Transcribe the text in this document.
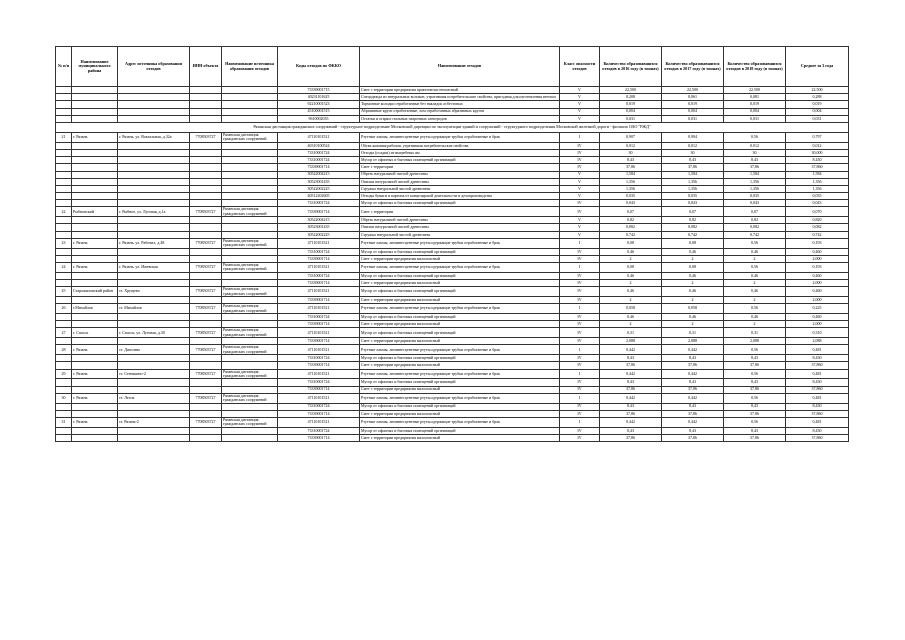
№ п/п	Наименование муниципального района	Адрес источника образования отходов	ИНН объекта	Наименование источника образования отходов	Коды отходов по ФККО	Наименование отходов	Класс опасности отходов	Количество образовавшихся отходов в 2016 году (в тоннах)	Количество образовавшихся отходов в 2017 году (в тоннах)	Количество образовавшихся отходов в 2018 году (в тоннах)	Среднее за 3 года
					73339001715	Смет с территории предприятия практически неопасный	V	22,500	22,500	22,500	22,500
					40231101625	Спецодежда из натуральных волокон, утратившая потребительские свойства, пригодная для изготовления ветоши	V	0,208	0,061	0,081	0,288
					92210001523	Тормозные колодки отработанные без накладок асбестовых	V	0,019	0,019	0,019	0,019
					45100001515	Абразивные круги отработанные, лом отработанных абразивных кругов	V	0,004	0,004	0,004	0,004
					9610002035	Остатки и огарки стальных сварочных электродов	V	0,031	0,031	0,031	0,031
Рязанская дистанция гражданских сооружений - структурное подразделение Московской дирекции по эксплуатации зданий и сооружений - структурного подразделения Московской железной дороги - филиала ОАО "РЖД"											
21	г. Рязань	г. Рязань, ул. Вокзальная, д.32а	7708503727	Рязанская дистанция гражданских сооружений	47110101521	Ртутные лампы, люминесцентные ртутьсодержащие трубки отработанные и брак	I	0,907	0,904	0,56	0,797
					40310100524	Обувь кожаная рабочая, утратившая потребительские свойства	IV	0,012	0,012	0,012	0,012
					73310001724	Отходы (осадки) из выгребных ям	IV	30	30	30	30,000
					73310001724	Мусор от офисных и бытовых помещений организаций	IV	8,43	8,43	8,43	8,430
					73339001714	Смет с территории	IV	37,86	37,86	37,86	37,860
					30522004215	Обрезь натуральной чистой древесины	V	1,584	1,584	1,584	1,584
					30523001435	Опилки натуральной чистой древесины	V	1,356	1,356	1,356	1,356
					30522002225	Стружка натуральной чистой древесины	V	1,356	1,356	1,356	1,356
					40512202605	Отходы бумаги и картона от канцелярской деятельности и делопроизводства	V	0,035	0,035	0,035	0,035
					73310001724	Мусор от офисных и бытовых помещений организаций	IV	0,043	0,043	0,043	0,043
22	Рыбновский	г. Рыбное, ул. Луговая, д.1а	7708503727	Рязанская дистанция гражданских сооружений	73339001714	Смет с территории	IV	0,07	0,07	0,07	0,070
					30522004215	Обрезь натуральной чистой древесины	V	0,82	0,82	0,82	0,820
					30523001435	Опилки натуральной чистой древесины	V	0,082	0,082	0,082	0,082
					30522002225	Стружка натуральной чистой древесины	V	0,742	0,742	0,742	0,742
23	г. Рязань	г. Рязань, ул. Рабочих, д.48	7708503727	Рязанская дистанция гражданских сооружений	47110101521	Ртутные лампы, люминесцентные ртутьсодержащие трубки отработанные и брак	I	0,08	0,08	0,56	0,193
					73310001724	Мусор от офисных и бытовых помещений организаций	IV	0,46	0,46	0,46	0,460
					73339001714	Смет с территории предприятия малоопасный	IV	2	2	2	2,000
24	г. Рязань	г. Рязань, ул. Ижевская	7708503727	Рязанская дистанция гражданских сооружений	47110101521	Ртутные лампы, люминесцентные ртутьсодержащие трубки отработанные и брак	I	0,08	0,08	0,56	0,193
					73310001724	Мусор от офисных и бытовых помещений организаций	IV	0,46	0,46	0,46	0,460
					73339001714	Смет с территории предприятия малоопасный	IV	2	2	2	2,000
25	Старожиловский район	ст. Хрущево	7708503727	Рязанская дистанция гражданских сооружений	47110101521	Мусор от офисных и бытовых помещений организаций	IV	0,46	0,46	0,46	0,460
					73339001714	Смет с территории предприятия малоопасный	IV	2	2	2	2,000
26	г.Михайлов	ст. Михайлов	7708503727	Рязанская дистанция гражданских сооружений	47110101521	Ртутные лампы, люминесцентные ртутьсодержащие трубки отработанные и брак	I	0,058	0,058	0,56	0,225
					73310001724	Мусор от офисных и бытовых помещений организаций	IV	0,46	0,46	0,46	0,460
					73339001714	Смет с территории предприятия малоопасный	IV	2	2	2	2,000
27	г. Спасск	г. Спасск, ул. Луговая, д.30	7708503727	Рязанская дистанция гражданских сооружений	47110101521	Мусор от офисных и бытовых помещений организаций	IV	0,31	0,31	0,31	0,310
					73339001714	Смет с территории предприятия малоопасный	IV	2,088	2,088	2,088	2,088
28	г. Рязань	ст. Дягилево	7708503727	Рязанская дистанция гражданских сооружений	47110101521	Ртутные лампы, люминесцентные ртутьсодержащие трубки отработанные и брак	I	0,442	0,442	0,56	0,481
					73310001724	Мусор от офисных и бытовых помещений организаций	IV	8,43	8,43	8,43	8,430
					73339001714	Смет с территории предприятия малоопасный	IV	37,86	37,86	37,86	37,860
29	г. Рязань	ст. Стенькино-2	7708503727	Рязанская дистанция гражданских сооружений	47110101521	Ртутные лампы, люминесцентные ртутьсодержащие трубки отработанные и брак	I	0,442	0,442	0,56	0,481
					73310001724	Мусор от офисных и бытовых помещений организаций	IV	8,43	8,43	8,43	8,430
					73339001714	Смет с территории предприятия малоопасный	IV	37,86	37,86	37,86	37,860
30	г. Рязань	ст. Лесок	7708503727	Рязанская дистанция гражданских сооружений	47110101521	Ртутные лампы, люминесцентные ртутьсодержащие трубки отработанные и брак	I	0,442	0,442	0,56	0,481
					73310001724	Мусор от офисных и бытовых помещений организаций	IV	8,43	8,43	8,43	8,430
					73339001714	Смет с территории предприятия малоопасный	IV	37,86	37,86	37,86	37,860
31	г. Рязань	ст. Рязань-2	7708503727	Рязанская дистанция гражданских сооружений	47110101521	Ртутные лампы, люминесцентные ртутьсодержащие трубки отработанные и брак	I	0,442	0,442	0,56	0,481
					73310001724	Мусор от офисных и бытовых помещений организаций	IV	8,43	8,43	8,43	8,430
					73339001714	Смет с территории предприятия малоопасный	IV	37,86	37,86	37,86	37,860
